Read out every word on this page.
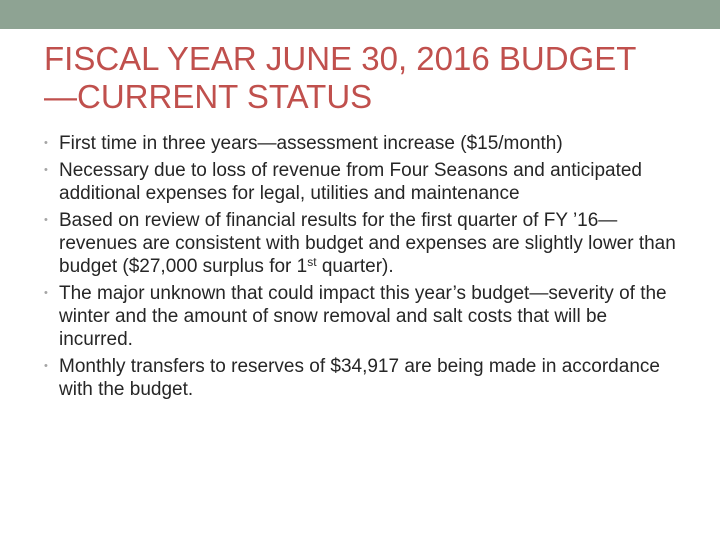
FISCAL YEAR JUNE 30, 2016 BUDGET
—CURRENT STATUS
• First time in three years—assessment increase ($15/month)
• Necessary due to loss of revenue from Four Seasons and anticipated additional expenses for legal, utilities and maintenance
• Based on review of financial results for the first quarter of FY ’16—revenues are consistent with budget and expenses are slightly lower than budget ($27,000 surplus for 1st quarter).
• The major unknown that could impact this year’s budget—severity of the winter and the amount of snow removal and salt costs that will be incurred.
• Monthly transfers to reserves of $34,917 are being made in accordance with the budget.
